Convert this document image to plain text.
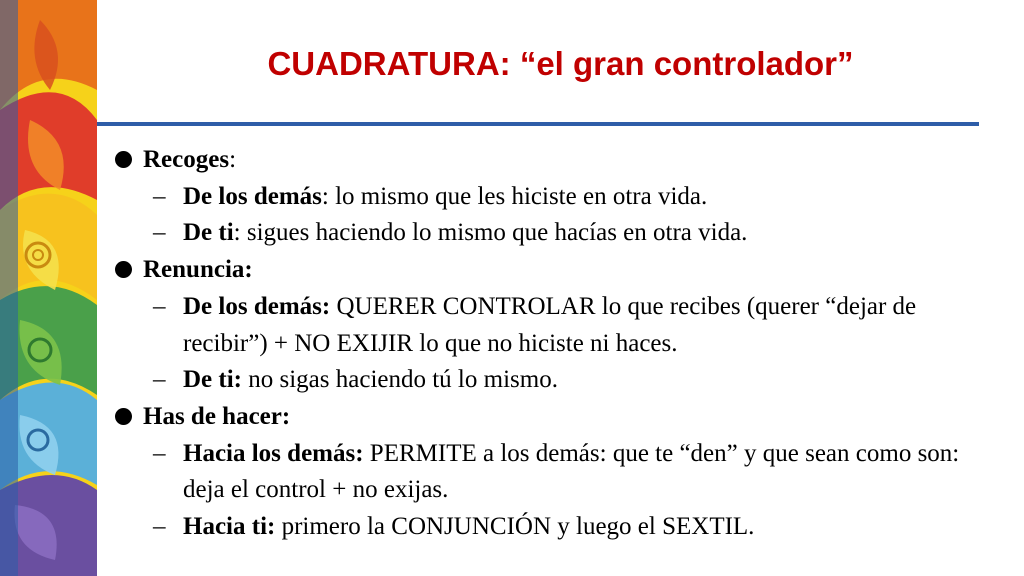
CUADRATURA: “el gran controlador”
Recoges:
– De los demás: lo mismo que les hiciste en otra vida.
– De ti: sigues haciendo lo mismo que hacías en otra vida.
Renuncia:
– De los demás: QUERER CONTROLAR lo que recibes (querer “dejar de recibir”) + NO EXIJIR lo que no hiciste ni haces.
– De ti: no sigas haciendo tú lo mismo.
Has de hacer:
– Hacia los demás: PERMITE a los demás: que te “den” y que sean como son: deja el control + no exijas.
– Hacia ti: primero la CONJUNCIÓN y luego el SEXTIL.
